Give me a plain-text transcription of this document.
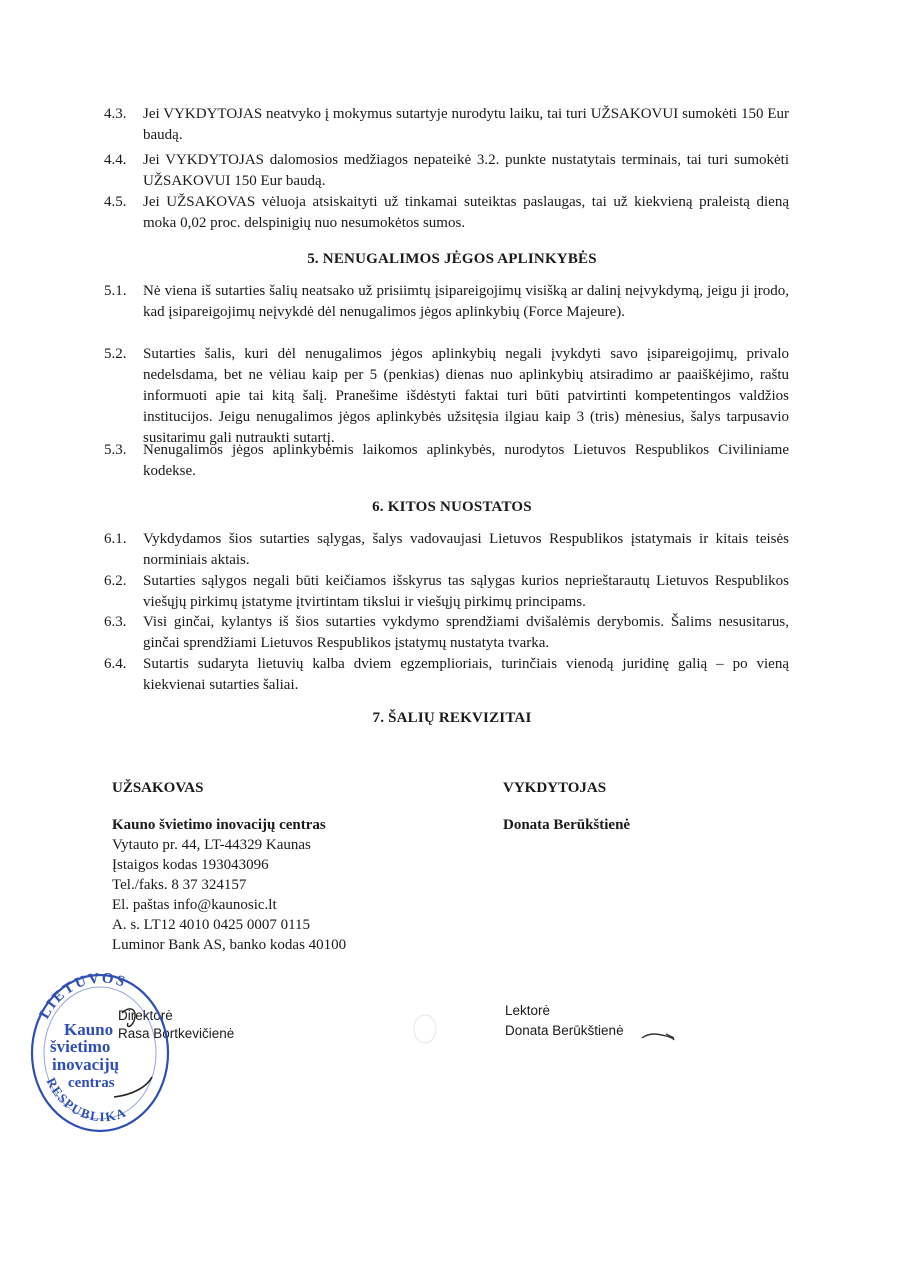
4.3. Jei VYKDYTOJAS neatvyko į mokymus sutartyje nurodytu laiku, tai turi UŽSAKOVUI sumokėti 150 Eur baudą.
4.4. Jei VYKDYTOJAS dalomosios medžiagos nepateikė 3.2. punkte nustatytais terminais, tai turi sumokėti UŽSAKOVUI 150 Eur baudą.
4.5. Jei UŽSAKOVAS vėluoja atsiskaityti už tinkamai suteiktas paslaugas, tai už kiekvieną praleistą dieną moka 0,02 proc. delspinigių nuo nesumokėtos sumos.
5. NENUGALIMOS JĖGOS APLINKYBĖS
5.1. Nė viena iš sutarties šalių neatsako už prisiimtų įsipareigojimų visišką ar dalinį neįvykdymą, jeigu ji įrodo, kad įsipareigojimų neįvykdė dėl nenugalimos jėgos aplinkybių (Force Majeure).
5.2. Sutarties šalis, kuri dėl nenugalimos jėgos aplinkybių negali įvykdyti savo įsipareigojimų, privalo nedelsdama, bet ne vėliau kaip per 5 (penkias) dienas nuo aplinkybių atsiradimo ar paaiškėjimo, raštu informuoti apie tai kitą šalį. Pranešime išdėstyti faktai turi būti patvirtinti kompetentingos valdžios institucijos. Jeigu nenugalimos jėgos aplinkybės užsitęsia ilgiau kaip 3 (tris) mėnesius, šalys tarpusavio susitarimu gali nutraukti sutartį.
5.3. Nenugalimos jėgos aplinkybėmis laikomos aplinkybės, nurodytos Lietuvos Respublikos Civiliniame kodekse.
6. KITOS NUOSTATOS
6.1. Vykdydamos šios sutarties sąlygas, šalys vadovaujasi Lietuvos Respublikos įstatymais ir kitais teisės norminiais aktais.
6.2. Sutarties sąlygos negali būti keičiamos išskyrus tas sąlygas kurios neprieštarautų Lietuvos Respublikos viešųjų pirkimų įstatyme įtvirtintam tikslui ir viešųjų pirkimų principams.
6.3. Visi ginčai, kylantys iš šios sutarties vykdymo sprendžiami dvišalėmis derybomis. Šalims nesusitarus, ginčai sprendžiami Lietuvos Respublikos įstatymų nustatyta tvarka.
6.4. Sutartis sudaryta lietuvių kalba dviem egzemplioriais, turinčiais vienodą juridinę galią – po vieną kiekvienai sutarties šaliai.
7. ŠALIŲ REKVIZITAI
UŽSAKOVAS
Kauno švietimo inovacijų centras
Vytauto pr. 44, LT-44329 Kaunas
Įstaigos kodas 193043096
Tel./faks. 8 37 324157
El. paštas info@kaunosic.lt
A. s. LT12 4010 0425 0007 0115
Luminor Bank AS, banko kodas 40100
VYKDYTOJAS
Donata Berūkštienė
Direktorė
Rasa Bortkevičienė
Lektorė
Donata Berūkštienė
LIETUVOS
RESPUBLIKA
Kauno
švietimo
inovacijų
centras
